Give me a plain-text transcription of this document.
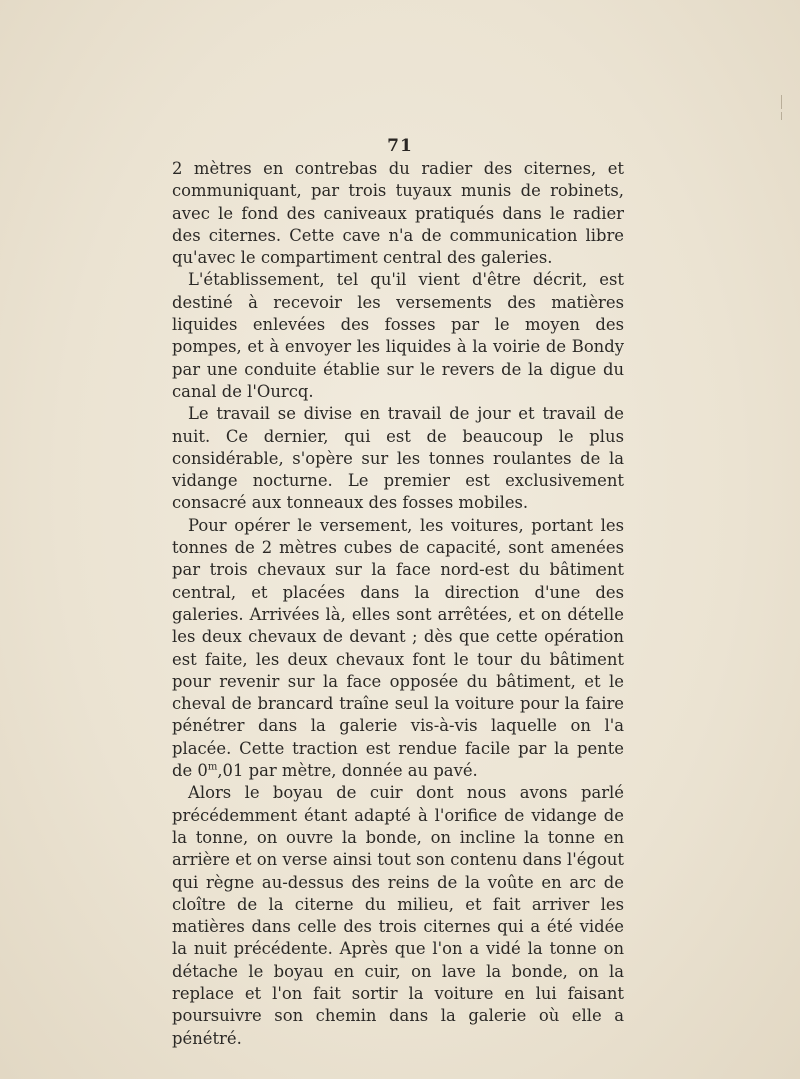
71

2 mètres en contrebas du radier des citernes, et communiquant, par trois tuyaux munis de robinets, avec le fond des caniveaux pratiqués dans le radier des citernes. Cette cave n'a de communication libre qu'avec le compartiment central des galeries.

L'établissement, tel qu'il vient d'être décrit, est destiné à recevoir les versements des matières liquides enlevées des fosses par le moyen des pompes, et à envoyer les liquides à la voirie de Bondy par une conduite établie sur le revers de la digue du canal de l'Ourcq.

Le travail se divise en travail de jour et travail de nuit. Ce dernier, qui est de beaucoup le plus considérable, s'opère sur les tonnes roulantes de la vidange nocturne. Le premier est exclusivement consacré aux tonneaux des fosses mobiles.

Pour opérer le versement, les voitures, portant les tonnes de 2 mètres cubes de capacité, sont amenées par trois chevaux sur la face nord-est du bâtiment central, et placées dans la direction d'une des galeries. Arrivées là, elles sont arrêtées, et on dételle les deux chevaux de devant ; dès que cette opération est faite, les deux chevaux font le tour du bâtiment pour revenir sur la face opposée du bâtiment, et le cheval de brancard traîne seul la voiture pour la faire pénétrer dans la galerie vis-à-vis laquelle on l'a placée. Cette traction est rendue facile par la pente de 0$^m$,01 par mètre, donnée au pavé.

Alors le boyau de cuir dont nous avons parlé précédemment étant adapté à l'orifice de vidange de la tonne, on ouvre la bonde, on incline la tonne en arrière et on verse ainsi tout son contenu dans l'égout qui règne au-dessus des reins de la voûte en arc de cloître de la citerne du milieu, et fait arriver les matières dans celle des trois citernes qui a été vidée la nuit précédente. Après que l'on a vidé la tonne on détache le boyau en cuir, on lave la bonde, on la replace et l'on fait sortir la voiture en lui faisant poursuivre son chemin dans la galerie où elle a pénétré.
